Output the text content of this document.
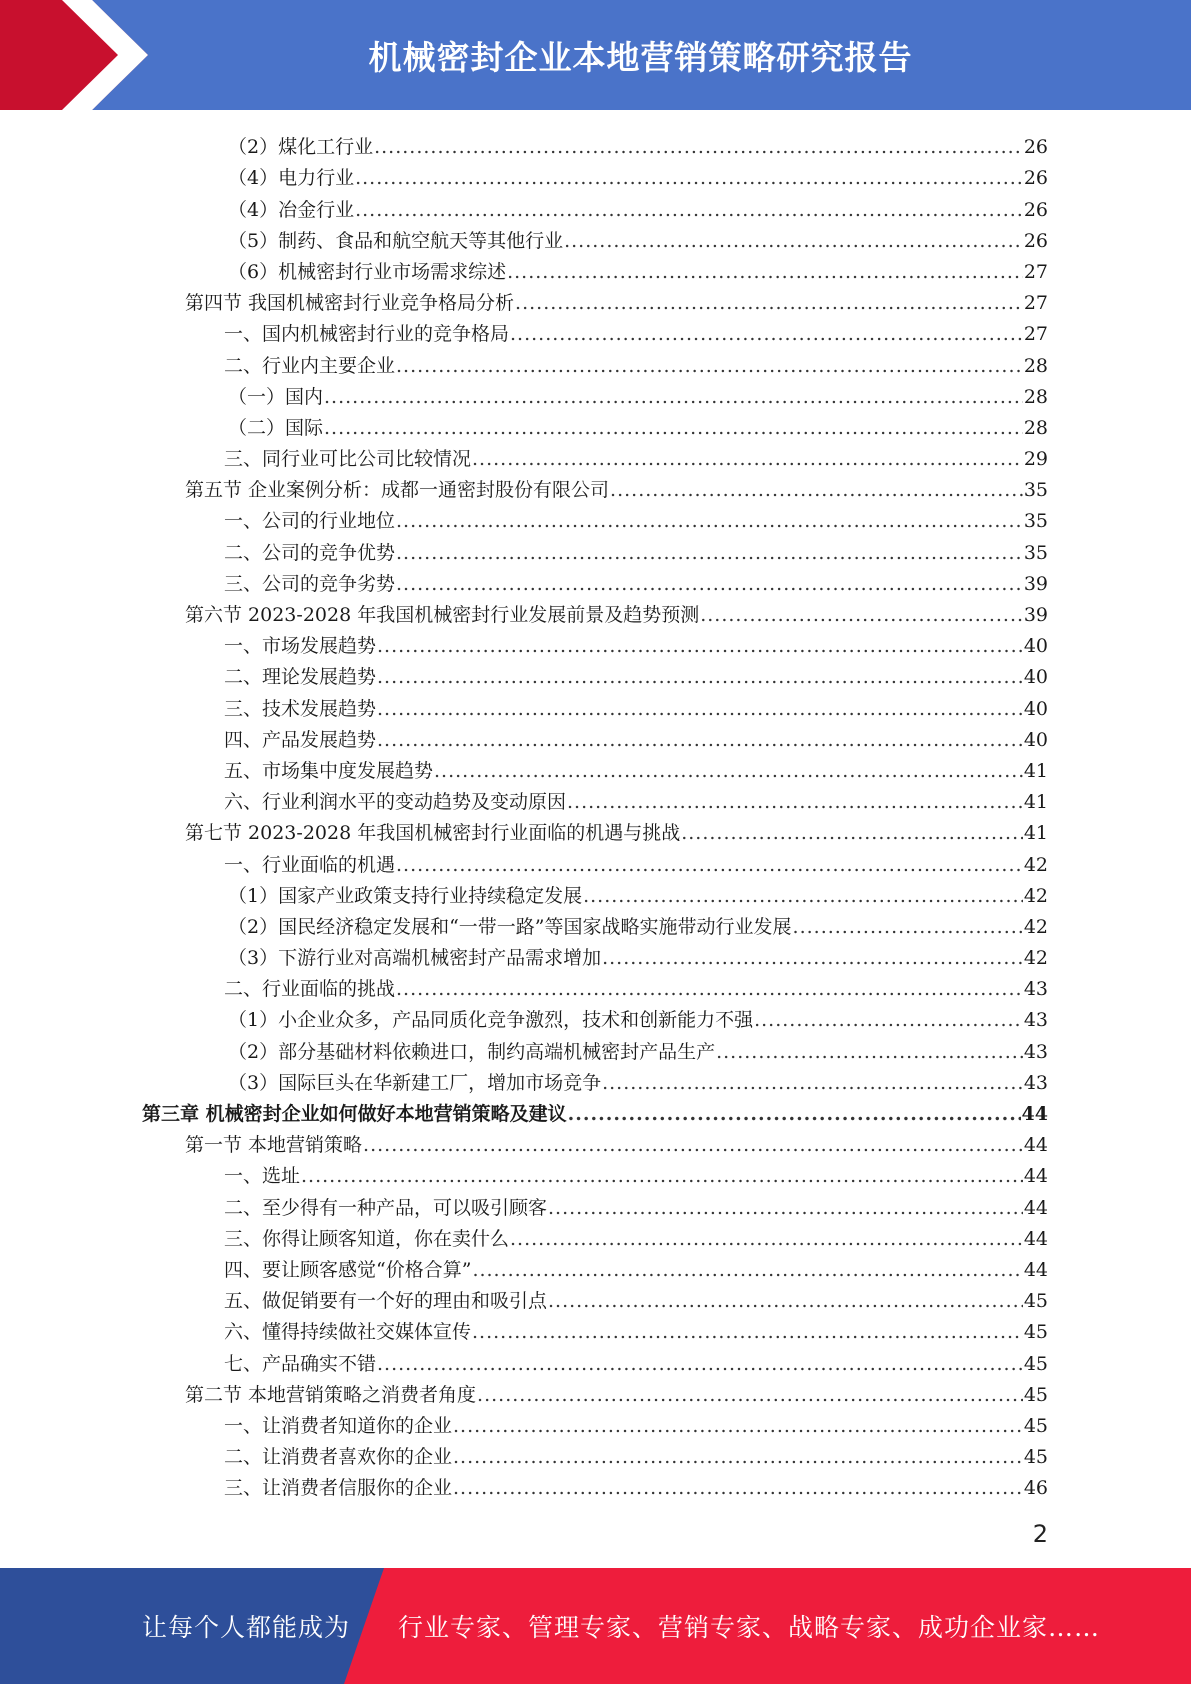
机械密封企业本地营销策略研究报告
（2）煤化工行业 .....	26
（4）电力行业 .....	26
（4）冶金行业 .....	26
（5）制药、食品和航空航天等其他行业 .....	26
（6）机械密封行业市场需求综述 .....	27
第四节 我国机械密封行业竞争格局分析 .....	27
一、国内机械密封行业的竞争格局 .....	27
二、行业内主要企业 .....	28
（一）国内 .....	28
（二）国际 .....	28
三、同行业可比公司比较情况 .....	29
第五节 企业案例分析：成都一通密封股份有限公司 .....	35
一、公司的行业地位 .....	35
二、公司的竞争优势 .....	35
三、公司的竞争劣势 .....	39
第六节 2023-2028 年我国机械密封行业发展前景及趋势预测 .....	39
一、市场发展趋势 .....	40
二、理论发展趋势 .....	40
三、技术发展趋势 .....	40
四、产品发展趋势 .....	40
五、市场集中度发展趋势 .....	41
六、行业利润水平的变动趋势及变动原因 .....	41
第七节 2023-2028 年我国机械密封行业面临的机遇与挑战 .....	41
一、行业面临的机遇 .....	42
（1）国家产业政策支持行业持续稳定发展 .....	42
（2）国民经济稳定发展和“一带一路”等国家战略实施带动行业发展 .....	42
（3）下游行业对高端机械密封产品需求增加 .....	42
二、行业面临的挑战 .....	43
（1）小企业众多，产品同质化竞争激烈，技术和创新能力不强 .....	43
（2）部分基础材料依赖进口，制约高端机械密封产品生产 .....	43
（3）国际巨头在华新建工厂，增加市场竞争 .....	43
第三章 机械密封企业如何做好本地营销策略及建议 .....	44
第一节 本地营销策略 .....	44
一、选址 .....	44
二、至少得有一种产品，可以吸引顾客 .....	44
三、你得让顾客知道，你在卖什么 .....	44
四、要让顾客感觉“价格合算” .....	44
五、做促销要有一个好的理由和吸引点 .....	45
六、懂得持续做社交媒体宣传 .....	45
七、产品确实不错 .....	45
第二节 本地营销策略之消费者角度 .....	45
一、让消费者知道你的企业 .....	45
二、让消费者喜欢你的企业 .....	45
三、让消费者信服你的企业 .....	46
2
让每个人都能成为 行业专家、管理专家、营销专家、战略专家、成功企业家……
